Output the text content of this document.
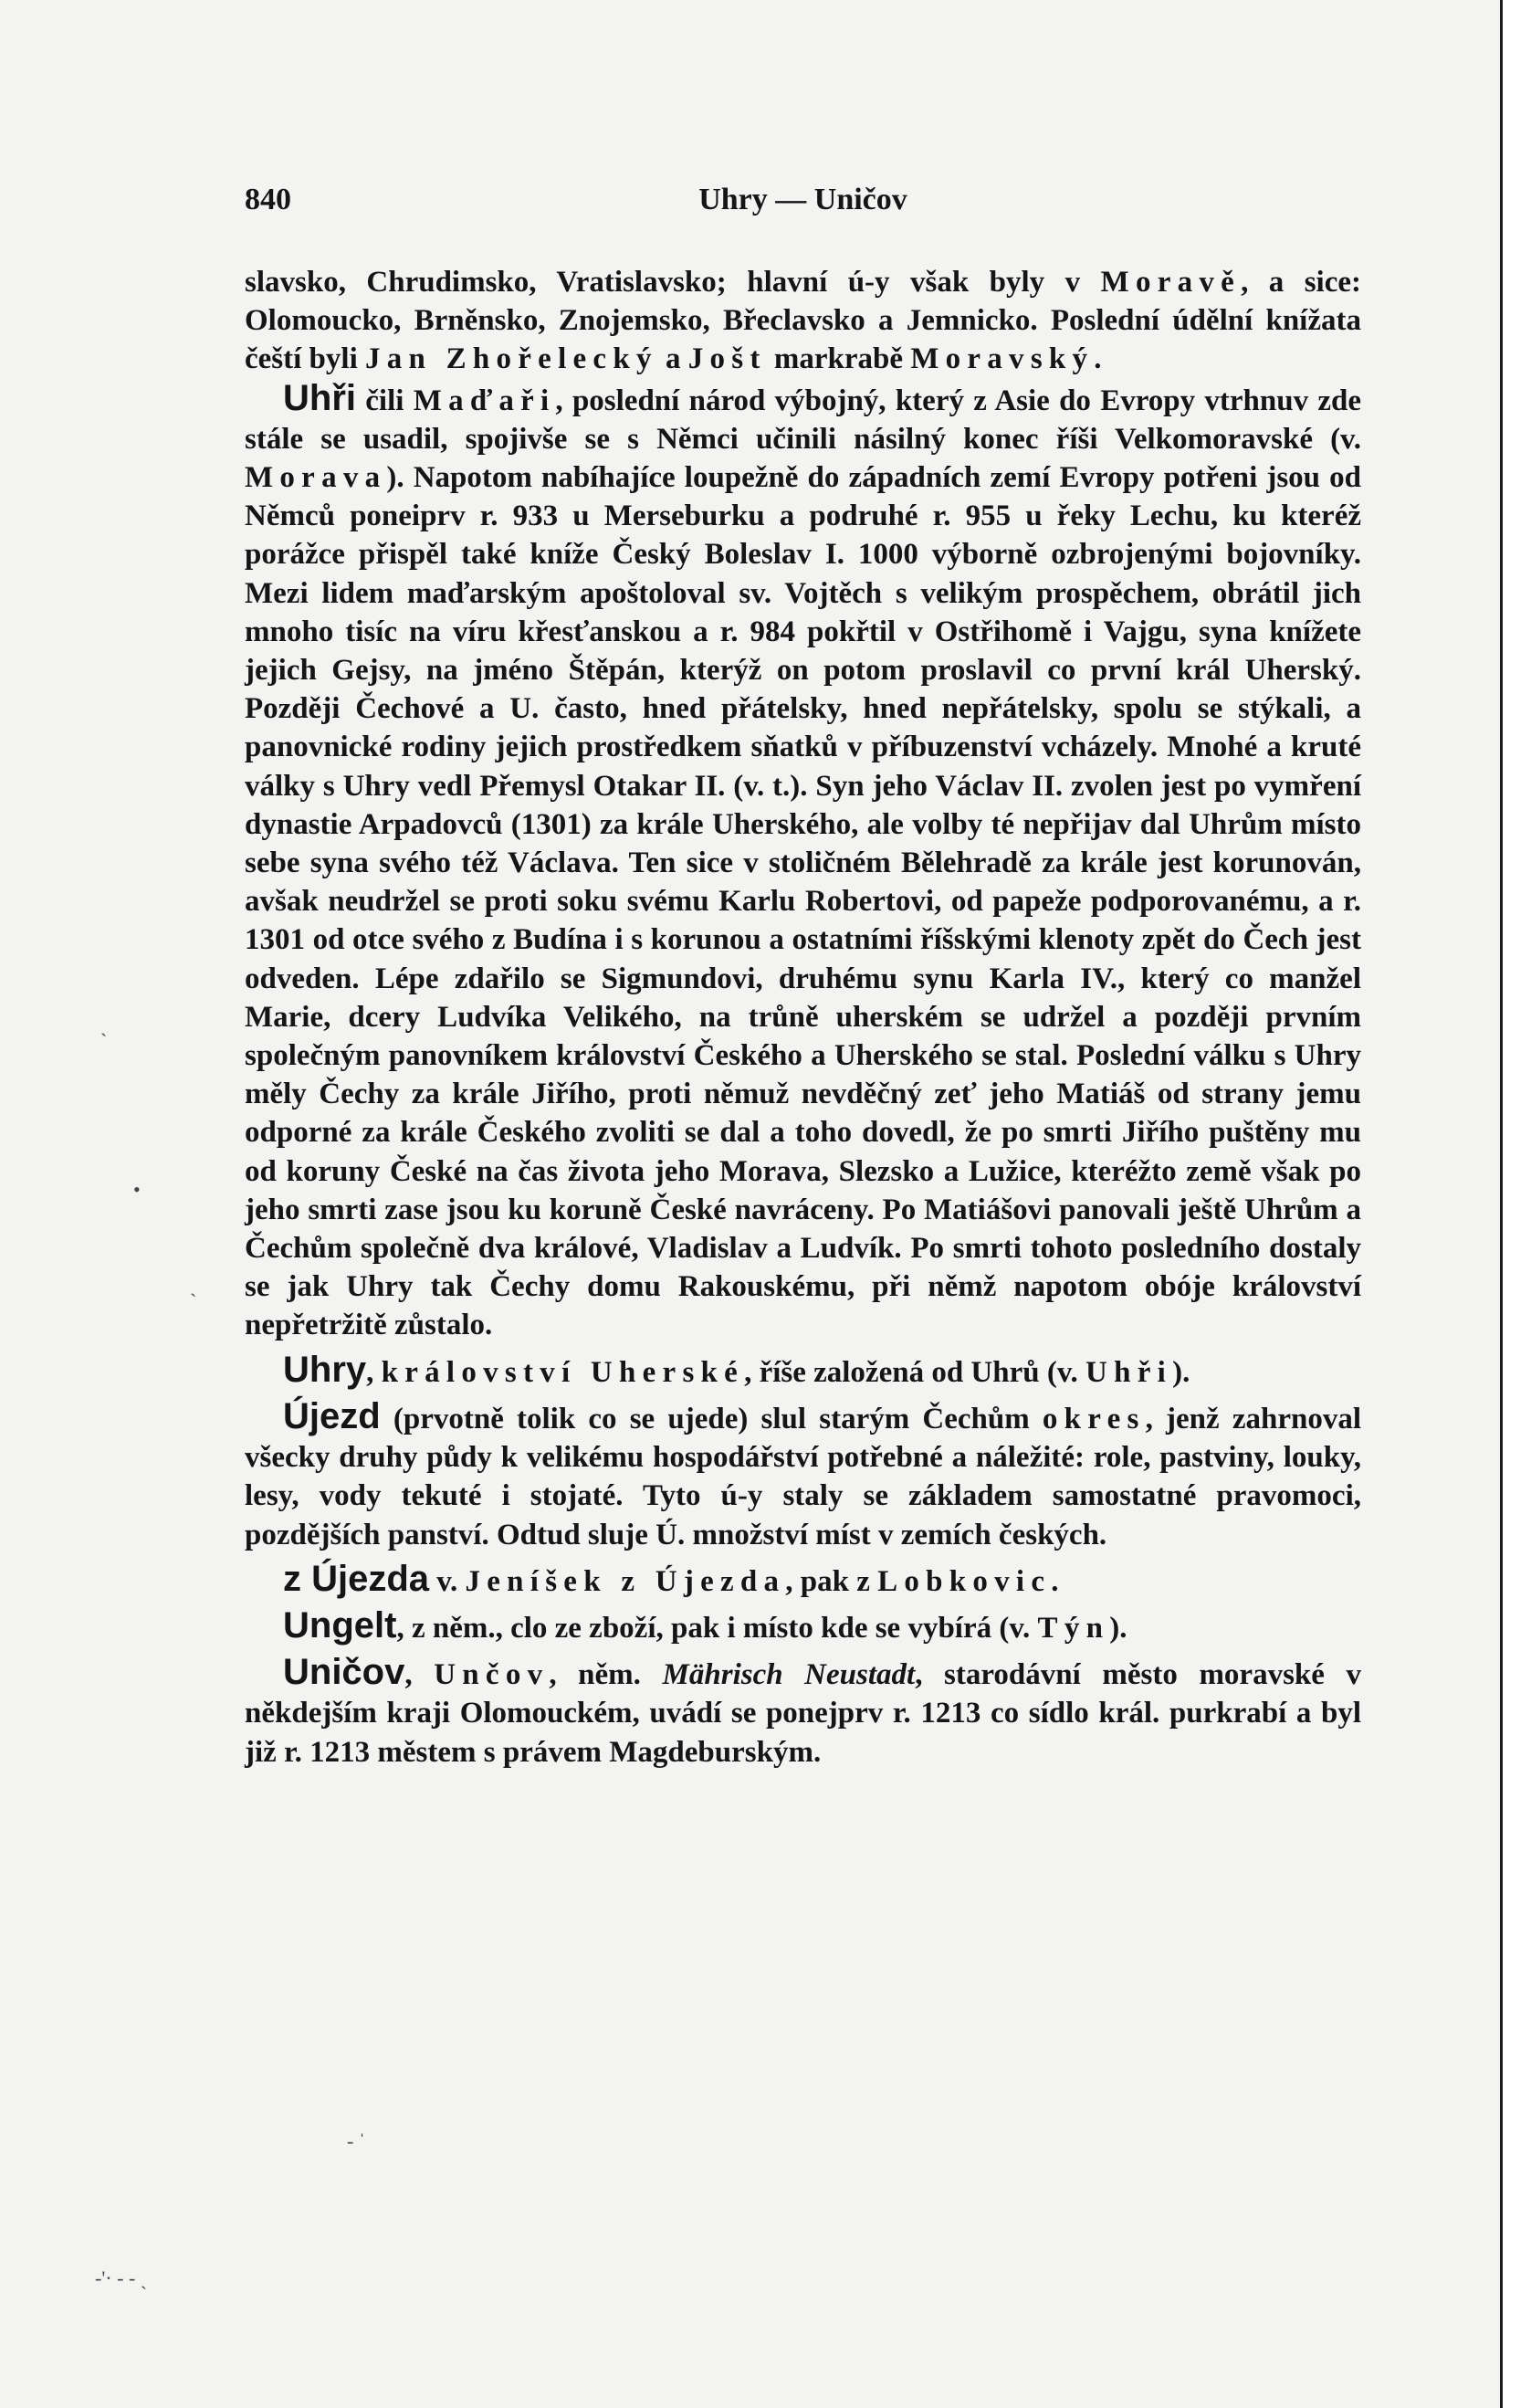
840	Uhry — Uničov

slavsko, Chrudimsko, Vratislavsko; hlavní ú-y však byly v Moravě, a sice: Olomoucko, Brněnsko, Znojemsko, Břeclavsko a Jemnicko. Poslední údělní knížata čeští byli Jan Zhořelecký a Jošt markrabě Moravský.

Uhři čili Maďaři, poslední národ výbojný, který z Asie do Evropy vtrhnuv zde stále se usadil, spojivše se s Němci učinili násilný konec říši Velkomoravské (v. Morava). Napotom nabíhajíce loupežně do západních zemí Evropy potřeni jsou od Němců poneiprv r. 933 u Merseburku a podruhé r. 955 u řeky Lechu, ku kteréž porážce přispěl také kníže Český Boleslav I. 1000 výborně ozbrojenými bojovníky. Mezi lidem maďarským apoštoloval sv. Vojtěch s velikým prospěchem, obrátil jich mnoho tisíc na víru křesťanskou a r. 984 pokřtil v Ostřihomě i Vajgu, syna knížete jejich Gejsy, na jméno Štěpán, kterýž on potom proslavil co první král Uherský. Později Čechové a U. často, hned přátelsky, hned nepřátelsky, spolu se stýkali, a panovnické rodiny jejich prostředkem sňatků v příbuzenství vcházely. Mnohé a kruté války s Uhry vedl Přemysl Otakar II. (v. t.). Syn jeho Václav II. zvolen jest po vymření dynastie Arpadovců (1301) za krále Uherského, ale volby té nepřijav dal Uhrům místo sebe syna svého též Václava. Ten sice v stoličném Bělehradě za krále jest korunován, avšak neudržel se proti soku svému Karlu Robertovi, od papeže podporovanému, a r. 1301 od otce svého z Budína i s korunou a ostatními říšskými klenoty zpět do Čech jest odveden. Lépe zdařilo se Sigmundovi, druhému synu Karla IV., který co manžel Marie, dcery Ludvíka Velikého, na trůně uherském se udržel a později prvním společným panovníkem království Českého a Uherského se stal. Poslední válku s Uhry měly Čechy za krále Jiřího, proti němuž nevděčný zeť jeho Matiáš od strany jemu odporné za krále Českého zvoliti se dal a toho dovedl, že po smrti Jiřího puštěny mu od koruny České na čas života jeho Morava, Slezsko a Lužice, kteréžto země však po jeho smrti zase jsou ku koruně České navráceny. Po Matiášovi panovali ještě Uhrům a Čechům společně dva králové, Vladislav a Ludvík. Po smrti tohoto posledního dostaly se jak Uhry tak Čechy domu Rakouskému, při němž napotom obóje království nepřetržitě zůstalo.

Uhry, království Uherské, říše založená od Uhrů (v. Uhři).

Újezd (prvotně tolik co se ujede) slul starým Čechům okres, jenž zahrnoval všecky druhy půdy k velikému hospodářství potřebné a náležité: role, pastviny, louky, lesy, vody tekuté i stojaté. Tyto ú-y staly se základem samostatné pravomoci, pozdějších panství. Odtud sluje Ú. množství míst v zemích českých.

z Újezda v. Jeníšek z Újezda, pak z Lobkovic.

Ungelt, z něm., clo ze zboží, pak i místo kde se vybírá (v. Týn).

Uničov, Unčov, něm. Mährisch Neustadt, starodávní město moravské v někdejším kraji Olomouckém, uvádí se ponejprv r. 1213 co sídlo král. purkrabí a byl již r. 1213 městem s právem Magdeburským.

•
ˋ
ˎ
- ˈ
-'· - - ˏ
